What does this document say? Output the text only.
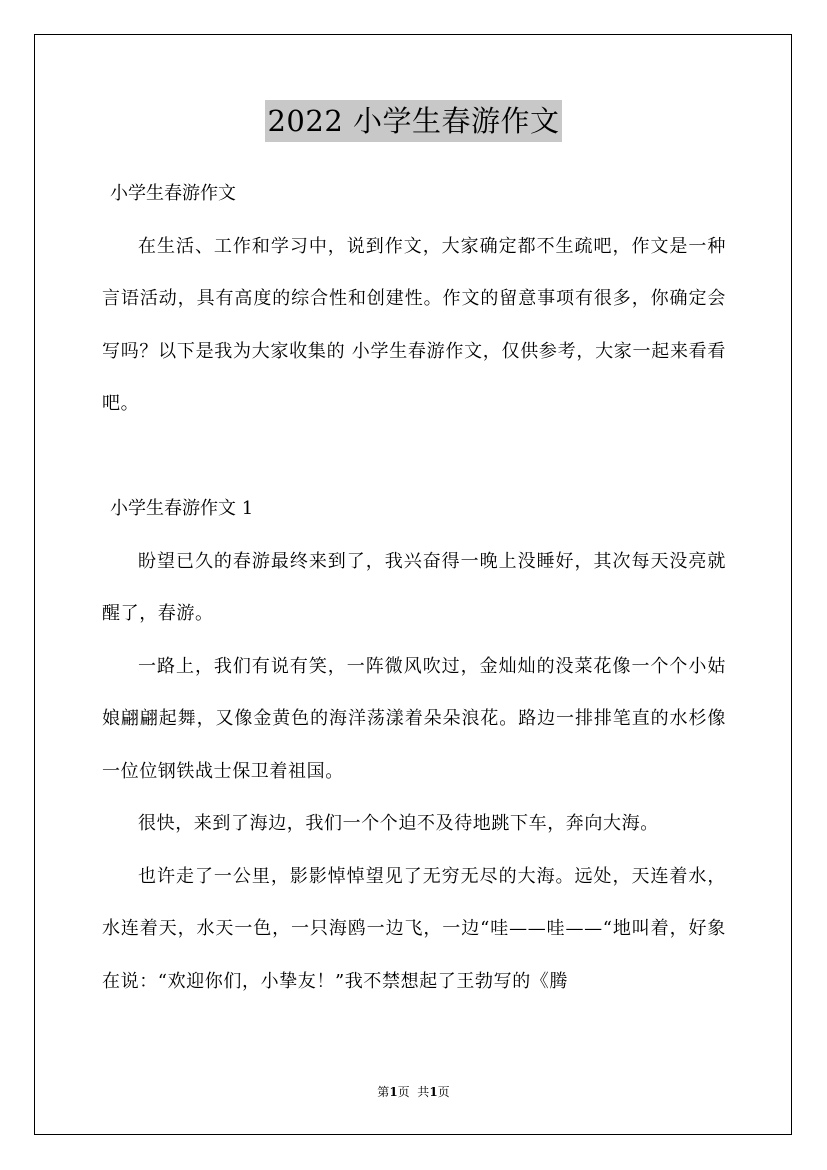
2022 小学生春游作文

小学生春游作文

在生活、工作和学习中，说到作文，大家确定都不生疏吧，作文是一种言语活动，具有高度的综合性和创建性。作文的留意事项有很多，你确定会写吗？以下是我为大家收集的 小学生春游作文，仅供参考，大家一起来看看吧。

小学生春游作文 1

盼望已久的春游最终来到了，我兴奋得一晚上没睡好，其次每天没亮就醒了，春游。

一路上，我们有说有笑，一阵微风吹过，金灿灿的没菜花像一个个小姑娘翩翩起舞，又像金黄色的海洋荡漾着朵朵浪花。路边一排排笔直的水杉像一位位钢铁战士保卫着祖国。

很快，来到了海边，我们一个个迫不及待地跳下车，奔向大海。

也许走了一公里，影影悼悼望见了无穷无尽的大海。远处，天连着水，水连着天，水天一色，一只海鸥一边飞，一边“哇——哇——“地叫着，好象在说：“欢迎你们，小挚友！”我不禁想起了王勃写的《腾

第1页  共1页
